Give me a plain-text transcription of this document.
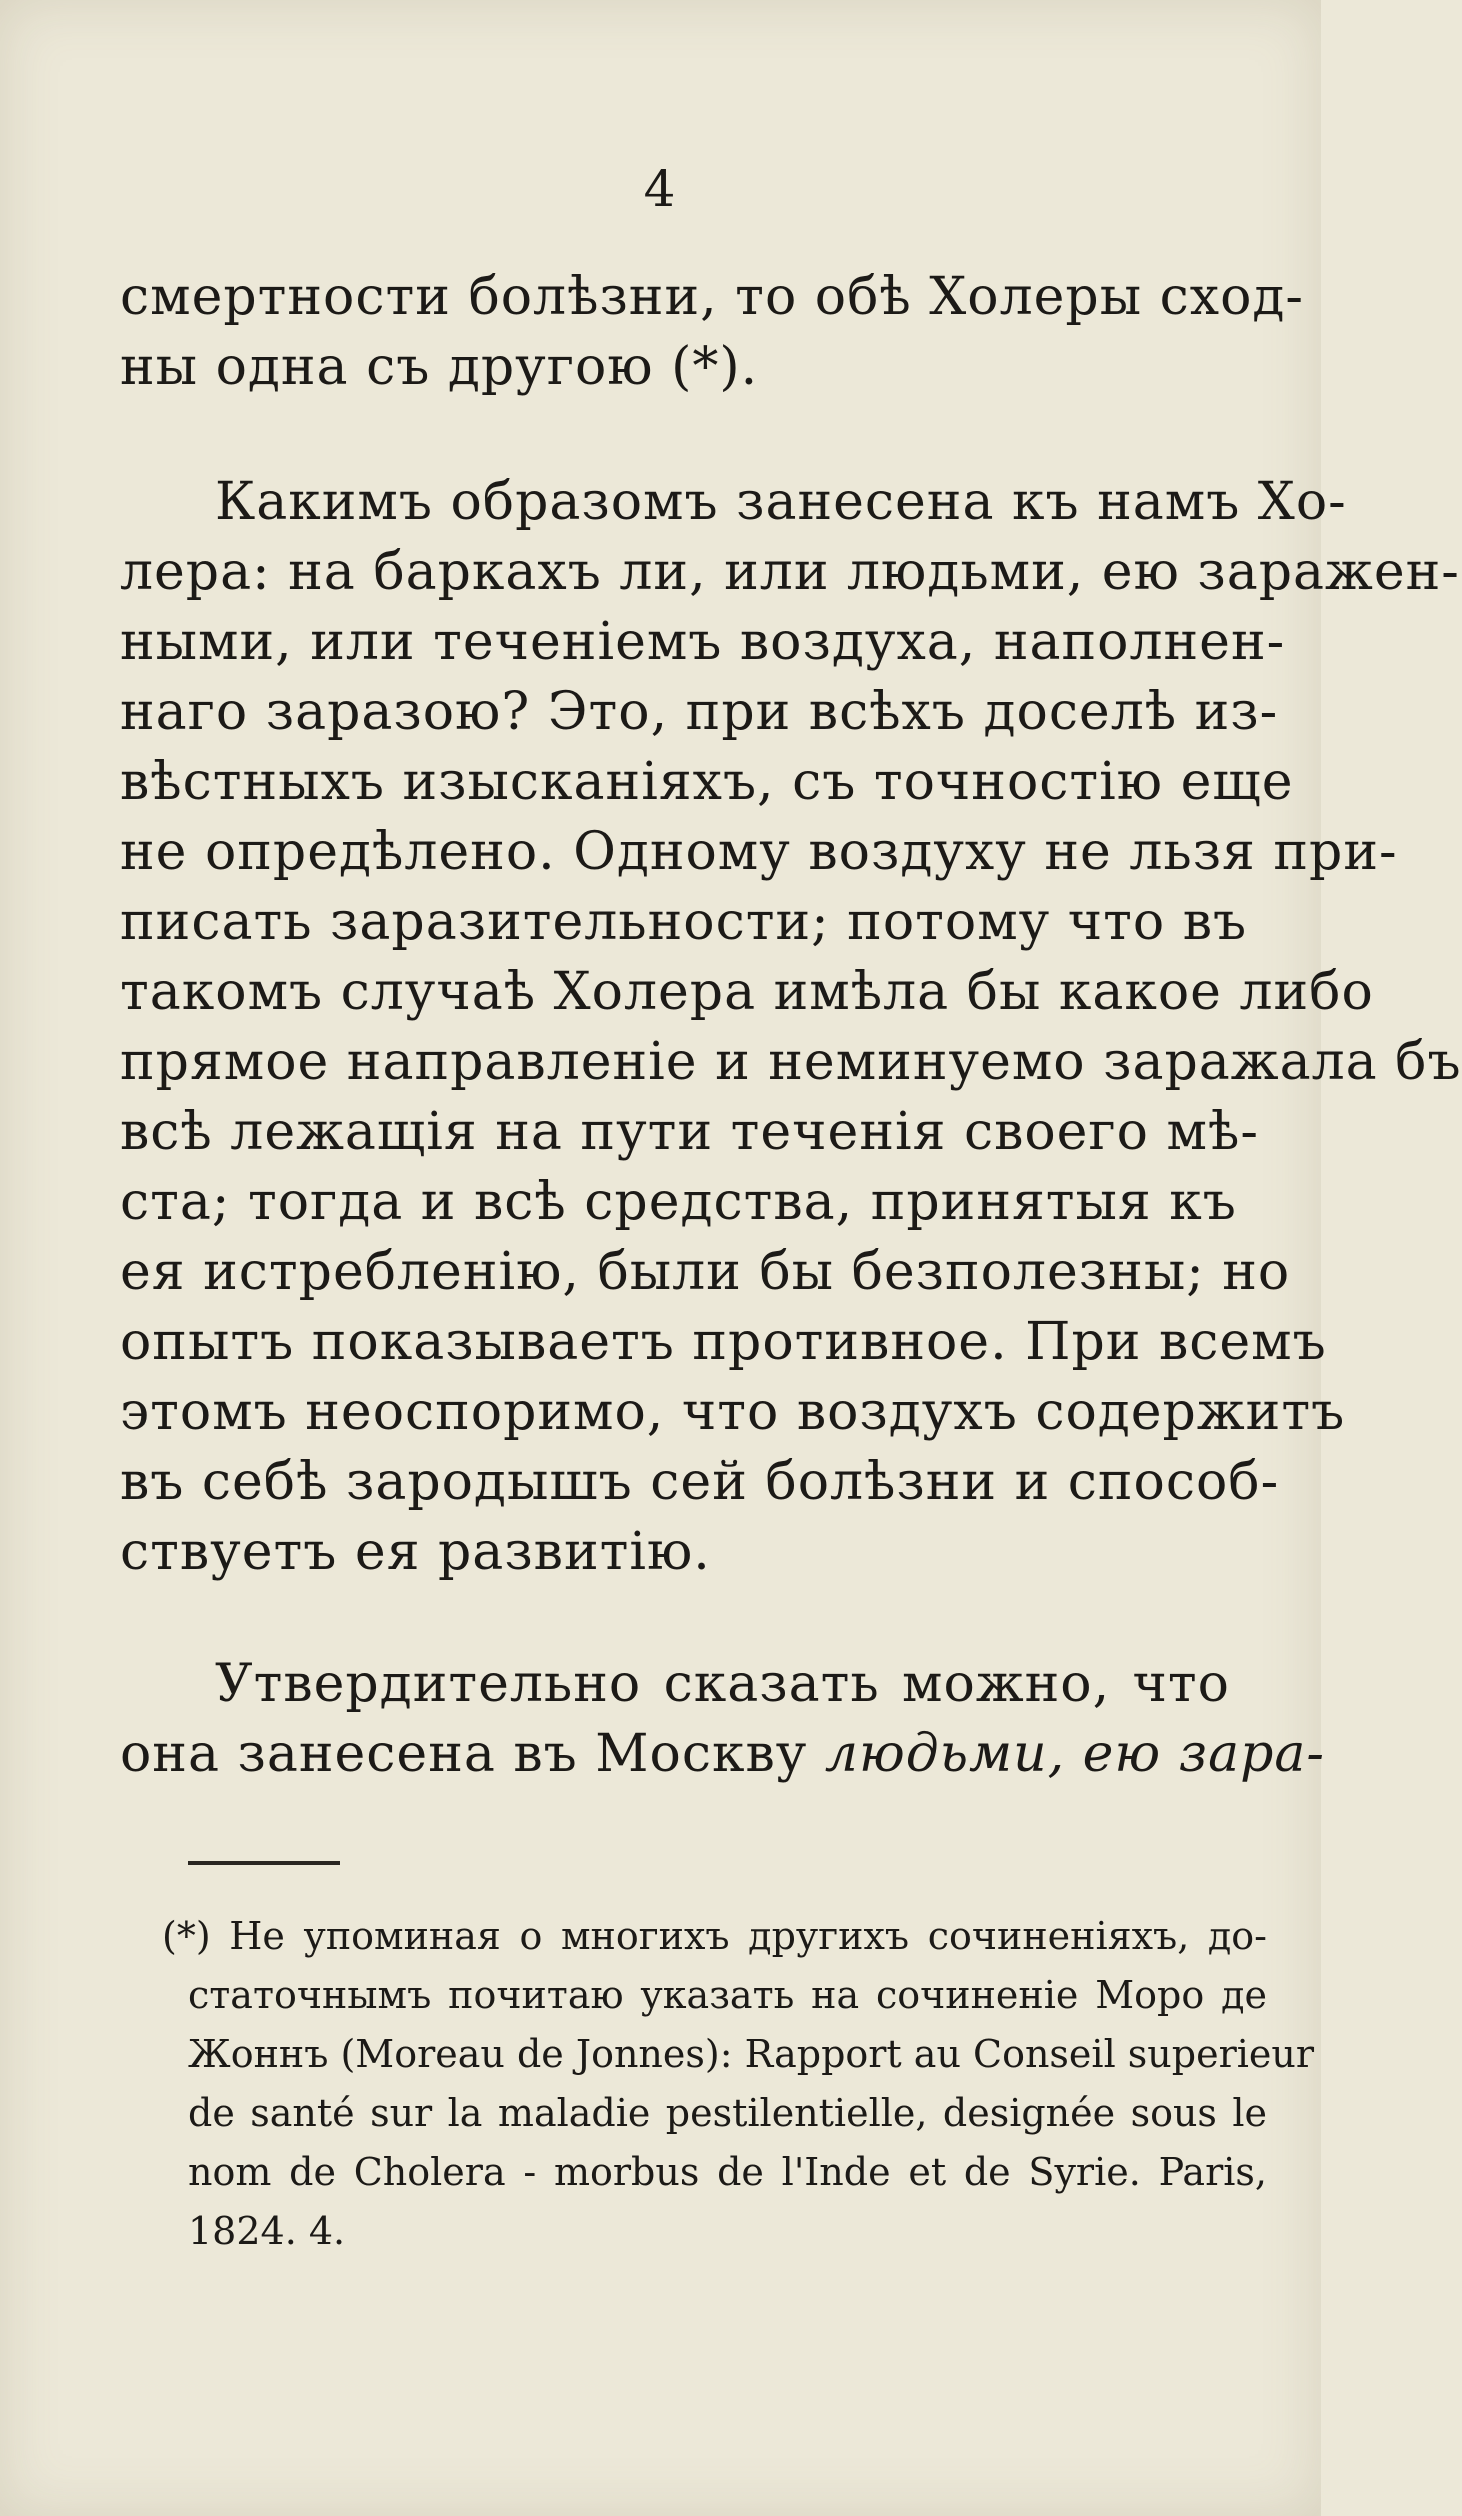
4
смертности болѣзни, то обѣ Холеры сход-
ны одна съ другою (*).
Какимъ образомъ занесена къ намъ Хо-
лера: на баркахъ ли, или людьми, ею заражен-
ными, или теченіемъ воздуха, наполнен-
наго заразою? Это, при всѣхъ доселѣ из-
вѣстныхъ изысканіяхъ, съ точностію еще
не опредѣлено. Одному воздуху не льзя при-
писать заразительности; потому что въ
такомъ случаѣ Холера имѣла бы какое либо
прямое направленіе и неминуемо заражала бъ
всѣ лежащія на пути теченія своего мѣ-
ста; тогда и всѣ средства, принятыя къ
ея истребленію, были бы безполезны; но
опытъ показываетъ противное. При всемъ
этомъ неоспоримо, что воздухъ содержитъ
въ себѣ зародышъ сей болѣзни и способ-
ствуетъ ея развитію.
Утвердительно сказать можно, что
она занесена въ Москву людьми, ею зара-
(*) Не упоминая о многихъ другихъ сочиненіяхъ, до-
статочнымъ почитаю указать на сочиненіе Моро де
Жоннъ (Moreau de Jonnes): Rapport au Conseil superieur
de santé sur la maladie pestilentielle, designée sous le
nom de Cholera - morbus de l'Inde et de Syrie. Paris,
1824. 4.
